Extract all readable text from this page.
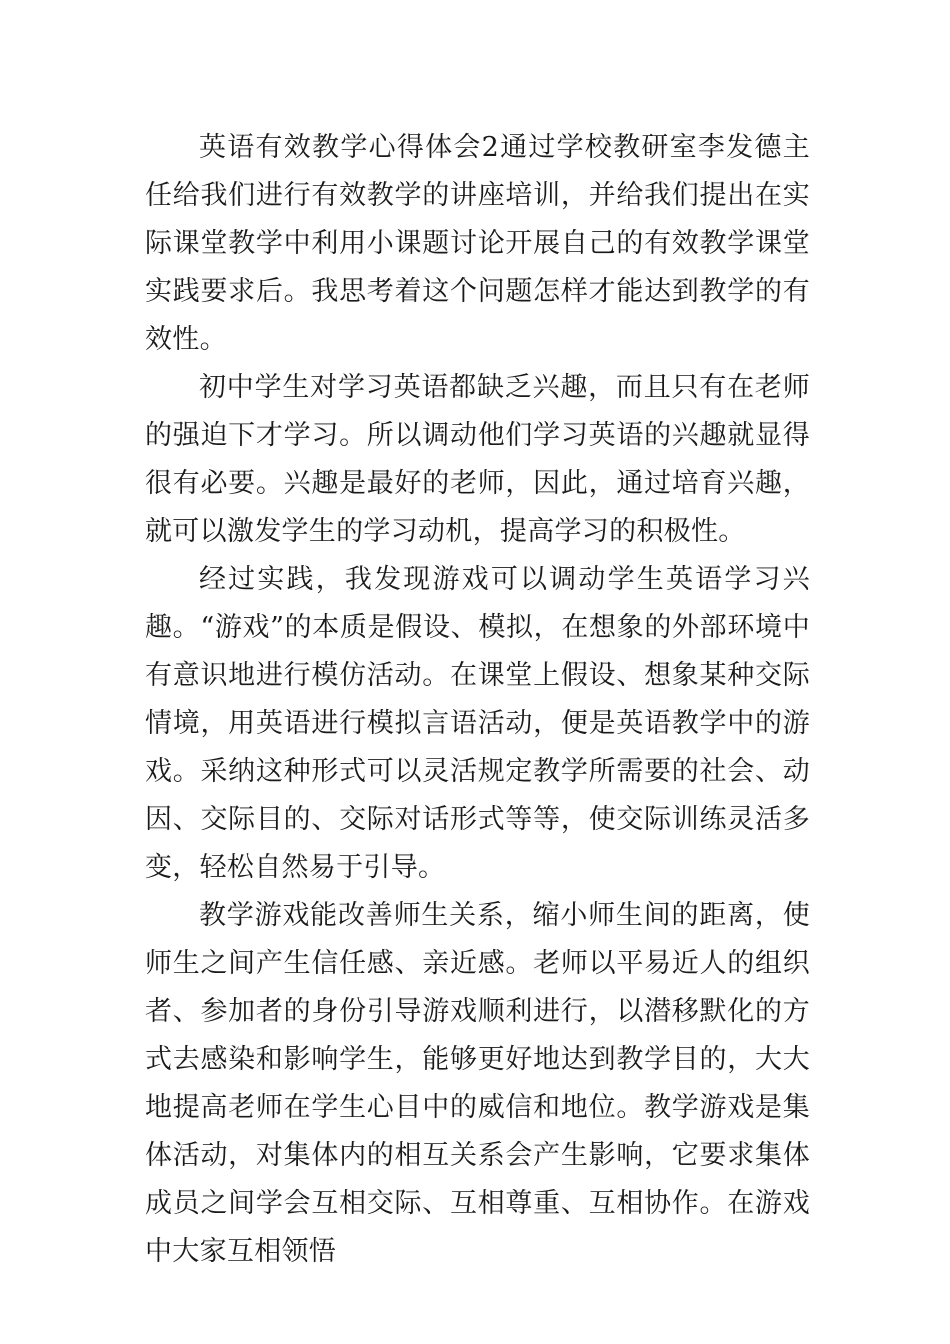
英语有效教学心得体会2通过学校教研室李发德主任给我们进行有效教学的讲座培训，并给我们提出在实际课堂教学中利用小课题讨论开展自己的有效教学课堂实践要求后。我思考着这个问题怎样才能达到教学的有效性。

初中学生对学习英语都缺乏兴趣，而且只有在老师的强迫下才学习。所以调动他们学习英语的兴趣就显得很有必要。兴趣是最好的老师，因此，通过培育兴趣，就可以激发学生的学习动机，提高学习的积极性。

经过实践，我发现游戏可以调动学生英语学习兴趣。“游戏”的本质是假设、模拟，在想象的外部环境中有意识地进行模仿活动。在课堂上假设、想象某种交际情境，用英语进行模拟言语活动，便是英语教学中的游戏。采纳这种形式可以灵活规定教学所需要的社会、动因、交际目的、交际对话形式等等，使交际训练灵活多变，轻松自然易于引导。

教学游戏能改善师生关系，缩小师生间的距离，使师生之间产生信任感、亲近感。老师以平易近人的组织者、参加者的身份引导游戏顺利进行，以潜移默化的方式去感染和影响学生，能够更好地达到教学目的，大大地提高老师在学生心目中的威信和地位。教学游戏是集体活动，对集体内的相互关系会产生影响，它要求集体成员之间学会互相交际、互相尊重、互相协作。在游戏中大家互相领悟
